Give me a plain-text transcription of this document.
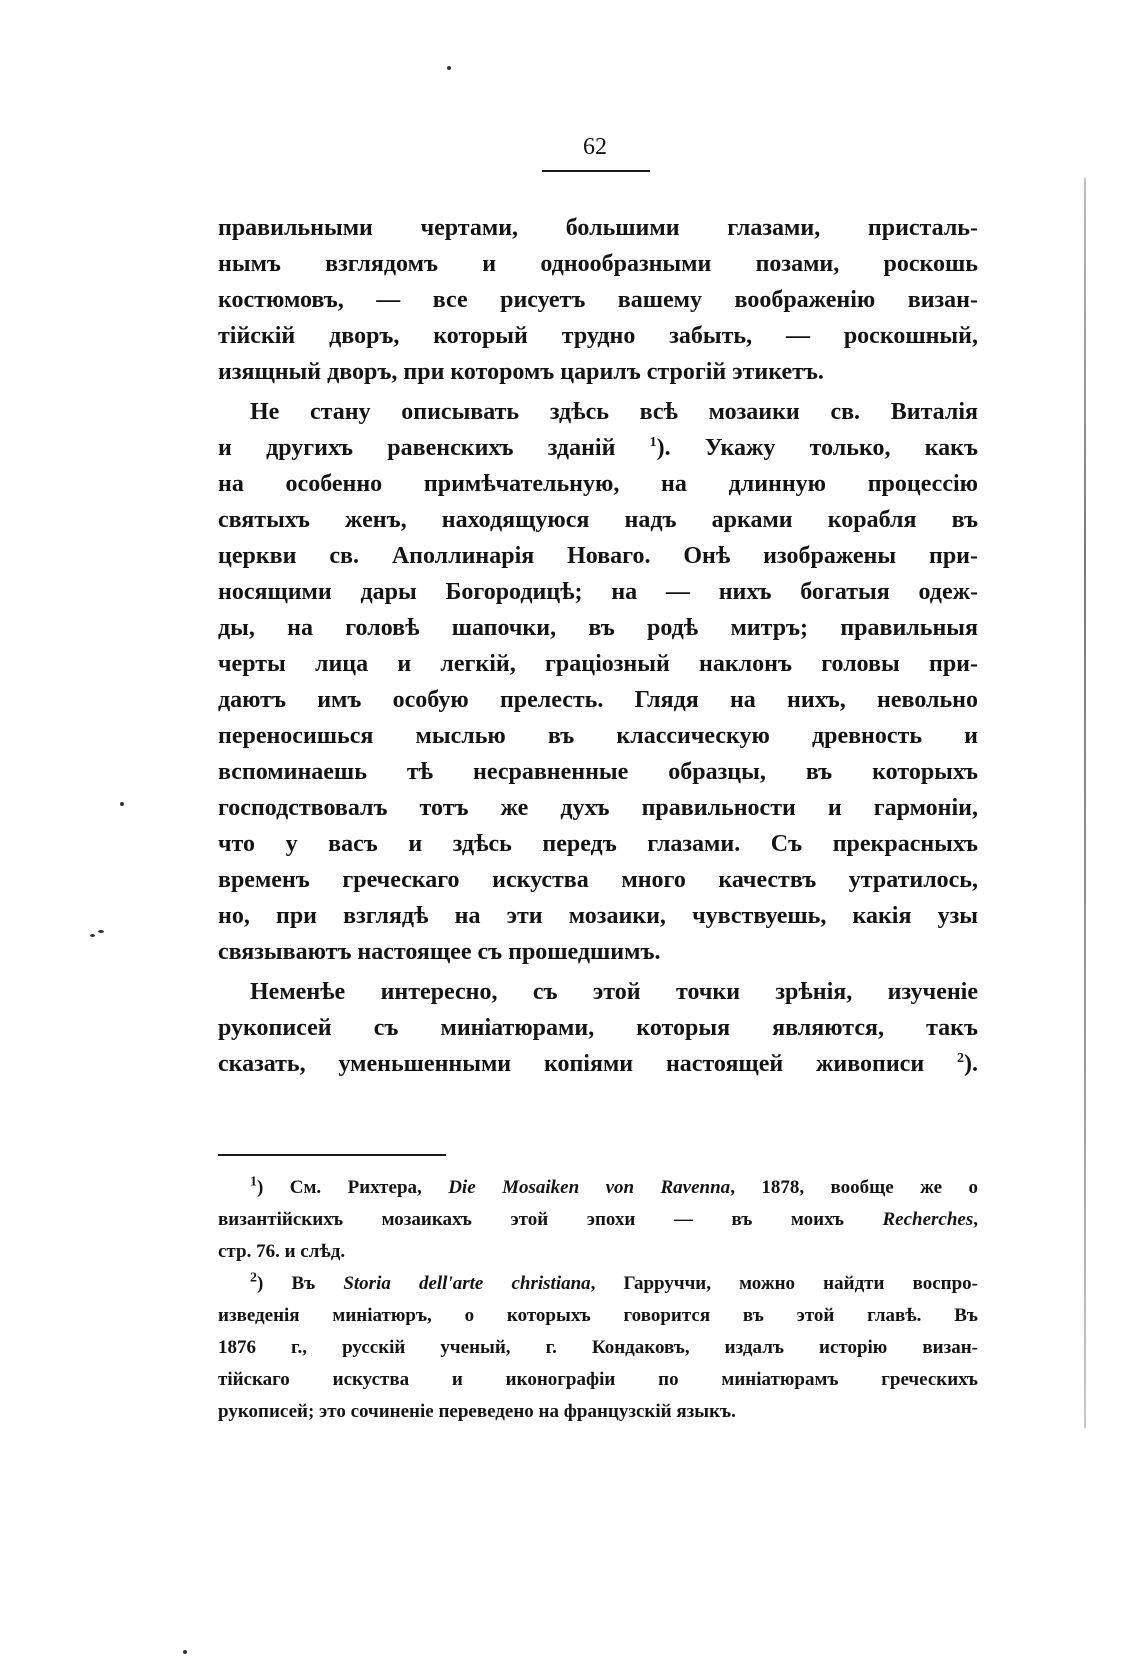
62
правильными чертами, большими глазами, присталь-
нымъ взглядомъ и однообразными позами, роскошь
костюмовъ, — все рисуетъ вашему воображенію визан-
тійскій дворъ, который трудно забыть, — роскошный,
изящный дворъ, при которомъ царилъ строгій этикетъ.
Не стану описывать здѣсь всѣ мозаики св. Виталія
и другихъ равенскихъ зданій $^1$). Укажу только, какъ
на особенно примѣчательную, на длинную процессію
святыхъ женъ, находящуюся надъ арками корабля въ
церкви св. Аполлинарія Новаго. Онѣ изображены при-
носящими дары Богородицѣ; на — нихъ богатыя одеж-
ды, на головѣ шапочки, въ родѣ митръ; правильныя
черты лица и легкій, граціозный наклонъ головы при-
даютъ имъ особую прелесть. Глядя на нихъ, невольно
переносишься мыслью въ классическую древность и
вспоминаешь тѣ несравненные образцы, въ которыхъ
господствовалъ тотъ же духъ правильности и гармоніи,
что у васъ и здѣсь передъ глазами. Съ прекрасныхъ
временъ греческаго искуства много качествъ утратилось,
но, при взглядѣ на эти мозаики, чувствуешь, какія узы
связываютъ настоящее съ прошедшимъ.
Неменѣе интересно, съ этой точки зрѣнія, изученіе
рукописей съ миніатюрами, которыя являются, такъ
сказать, уменьшенными копіями настоящей живописи $^2$).
$^1$) См. Рихтера, Die Mosaiken von Ravenna, 1878, вообще же о
византійскихъ мозаикахъ этой эпохи — въ моихъ Recherches,
стр. 76. и слѣд.
$^2$) Въ Storia dell'arte christiana, Гарруччи, можно найдти воспро-
изведенія миніатюръ, о которыхъ говорится въ этой главѣ. Въ
1876 г., русскій ученый, г. Кондаковъ, издалъ исторію визан-
тійскаго искуства и иконографіи по миніатюрамъ греческихъ
рукописей; это сочиненіе переведено на французскій языкъ.
